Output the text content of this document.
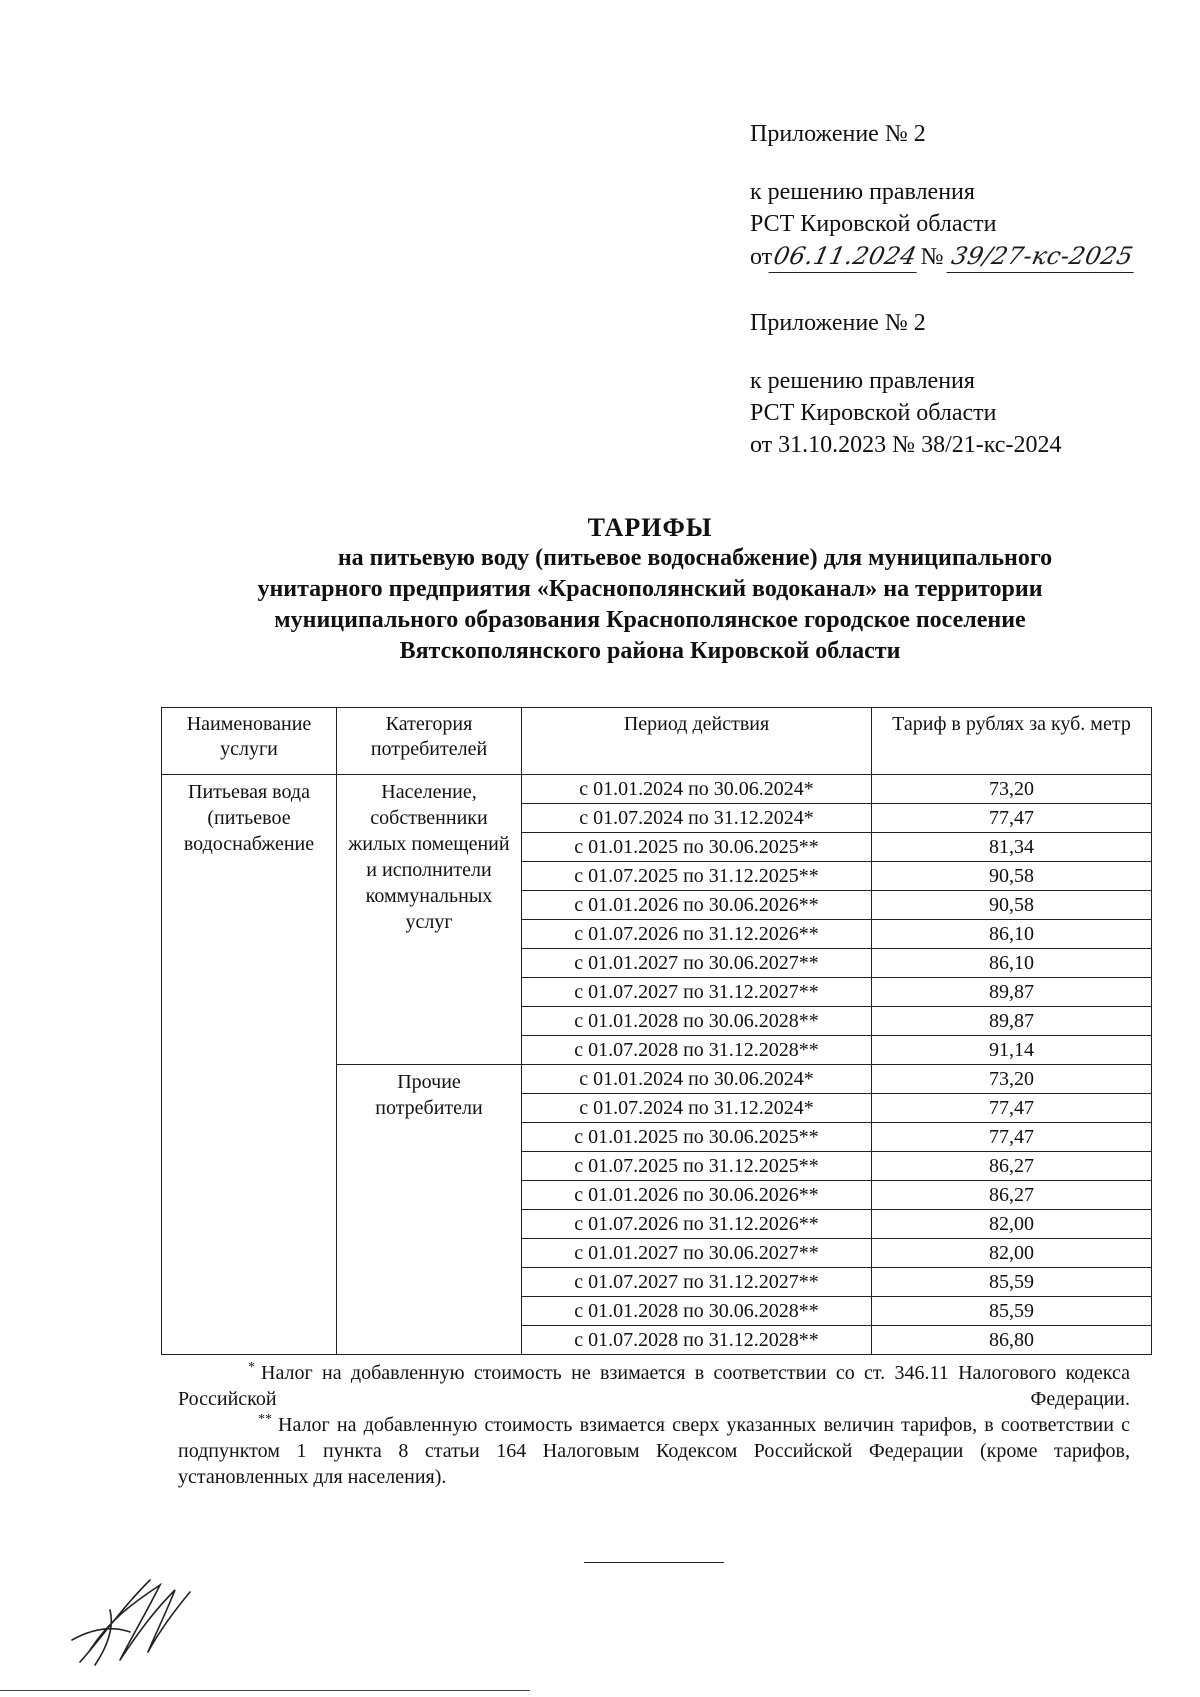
Приложение № 2
к решению правления
РСТ Кировской области
от06.11.2024№ 39/27-кс-2025
Приложение № 2
к решению правления
РСТ Кировской области
от 31.10.2023 № 38/21-кс-2024
ТАРИФЫ
на питьевую воду (питьевое водоснабжение) для муниципального
унитарного предприятия «Краснополянский водоканал» на территории
муниципального образования Краснополянское городское поселение
Вятскополянского района Кировской области
Наименование услуги	Категория потребителей	Период действия	Тариф в рублях за куб. метр
Питьевая вода (питьевое водоснабжение	Население, собственники жилых помещений и исполнители коммунальных услуг	с 01.01.2024 по 30.06.2024*	73,20
		с 01.07.2024 по 31.12.2024*	77,47
		с 01.01.2025 по 30.06.2025**	81,34
		с 01.07.2025 по 31.12.2025**	90,58
		с 01.01.2026 по 30.06.2026**	90,58
		с 01.07.2026 по 31.12.2026**	86,10
		с 01.01.2027 по 30.06.2027**	86,10
		с 01.07.2027 по 31.12.2027**	89,87
		с 01.01.2028 по 30.06.2028**	89,87
		с 01.07.2028 по 31.12.2028**	91,14
	Прочие потребители	с 01.01.2024 по 30.06.2024*	73,20
		с 01.07.2024 по 31.12.2024*	77,47
		с 01.01.2025 по 30.06.2025**	77,47
		с 01.07.2025 по 31.12.2025**	86,27
		с 01.01.2026 по 30.06.2026**	86,27
		с 01.07.2026 по 31.12.2026**	82,00
		с 01.01.2027 по 30.06.2027**	82,00
		с 01.07.2027 по 31.12.2027**	85,59
		с 01.01.2028 по 30.06.2028**	85,59
		с 01.07.2028 по 31.12.2028**	86,80

* Налог на добавленную стоимость не взимается в соответствии со ст. 346.11 Налогового кодекса Российской Федерации.

** Налог на добавленную стоимость взимается сверх указанных величин тарифов, в соответствии с подпунктом 1 пункта 8 статьи 164 Налоговым Кодексом Российской Федерации (кроме тарифов, установленных для населения).
